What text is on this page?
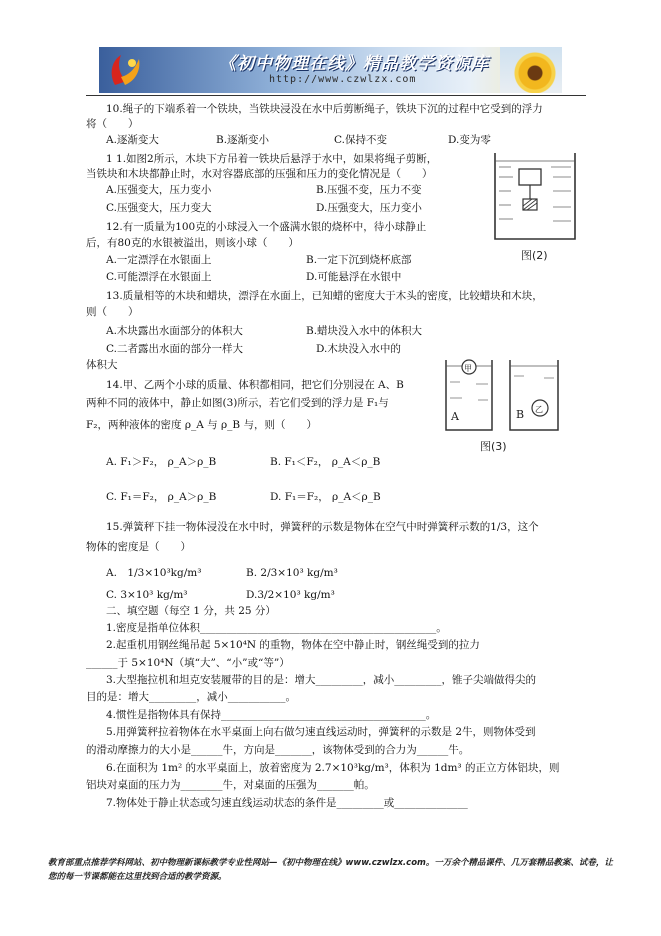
《初中物理在线》精品教学资源库
http://www.czwlzx.com
10.绳子的下端系着一个铁块，当铁块浸没在水中后剪断绳子，铁块下沉的过程中它受到的浮力
将（　　）
A.逐渐变大	B.逐渐变小	C.保持不变	D.变为零
1 1.如图2所示，木块下方吊着一铁块后悬浮于水中，如果将绳子剪断，
当铁块和木块都静止时，水对容器底部的压强和压力的变化情况是（　　）
A.压强变大，压力变小	B.压强不变，压力不变
C.压强变大，压力变大	D.压强变大，压力变小
12.有一质量为100克的小球浸入一个盛满水银的烧杯中，待小球静止
后，有80克的水银被溢出，则该小球（　　）
A.一定漂浮在水银面上	B.一定下沉到烧杯底部
C.可能漂浮在水银面上	D.可能悬浮在水银中
13.质量相等的木块和蜡块，漂浮在水面上，已知蜡的密度大于木头的密度，比较蜡块和木块，
则（　　）
A.木块露出水面部分的体积大	B.蜡块没入水中的体积大
C.二者露出水面的部分一样大	D.木块没入水中的
体积大
14.甲、乙两个小球的质量、体积都相同，把它们分别浸在 A、B
两种不同的液体中，静止如图(3)所示，若它们受到的浮力是 F₁与
F₂，两种液体的密度 ρ_A 与 ρ_B 与，则（　　）
A. F₁＞F₂， ρ_A＞ρ_B	B. F₁＜F₂， ρ_A＜ρ_B
C. F₁＝F₂， ρ_A＞ρ_B	D. F₁＝F₂， ρ_A＜ρ_B
15.弹簧秤下挂一物体浸没在水中时，弹簧秤的示数是物体在空气中时弹簧秤示数的1/3，这个
物体的密度是（　　）
A.　1/3×10³kg/m³	B. 2/3×10³ kg/m³
C. 3×10³ kg/m³	D.3/2×10³ kg/m³
二、填空题（每空 1 分，共 25 分）
1.密度是指单位体积_____________________________________________。
2.起重机用钢丝绳吊起 5×10⁴N 的重物，物体在空中静止时，钢丝绳受到的拉力
______于 5×10⁴N（填“大”、“小”或“等”）
3.大型拖拉机和坦克安装履带的目的是：增大_________，减小_________，锥子尖端做得尖的
目的是：增大_________，减小___________。
4.惯性是指物体具有保持_______________________________________。
5.用弹簧秤拉着物体在水平桌面上向右做匀速直线运动时，弹簧秤的示数是 2牛，则物体受到
的滑动摩擦力的大小是______牛，方向是_______，该物体受到的合力为______牛。
6.在面积为 1m² 的水平桌面上，放着密度为 2.7×10³kg/m³，体积为 1dm³ 的正立方体铝块，则
铝块对桌面的压力为________牛，对桌面的压强为_______帕。
7.物体处于静止状态或匀速直线运动状态的条件是_________或______________
图(2)
甲
A
乙
B
图(3)
教育部重点推荐学科网站、初中物理新课标教学专业性网站—《初中物理在线》www.czwlzx.com。一万余个精品课件、几万套精品教案、试卷，让您的每一节课都能在这里找到合适的教学资源。
